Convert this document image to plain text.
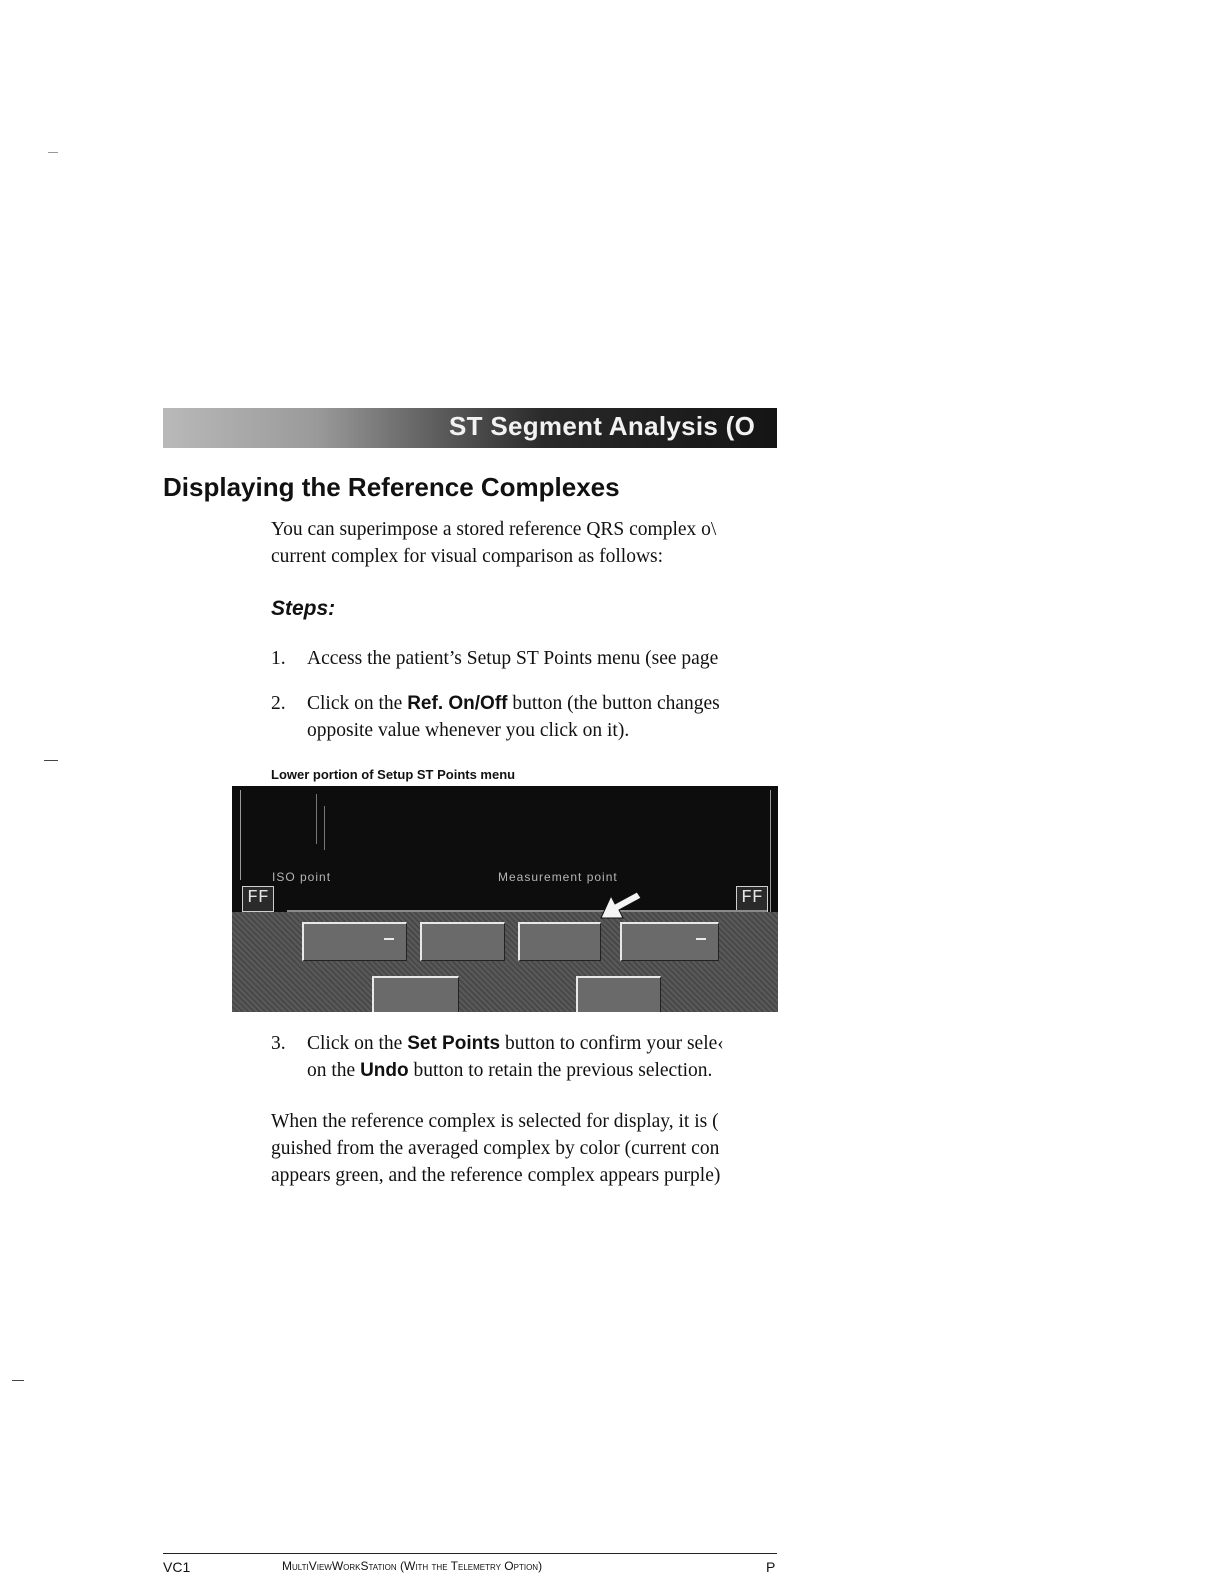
ST Segment Analysis (O
Displaying the Reference Complexes
You can superimpose a stored reference QRS complex o\
current complex for visual comparison as follows:
Steps:
1. Access the patient’s Setup ST Points menu (see page
2. Click on the Ref. On/Off button (the button changes
opposite value whenever you click on it).
Lower portion of Setup ST Points menu
ISO point	Measurement point
FF	FF
3. Click on the Set Points button to confirm your sele‹
on the Undo button to retain the previous selection.
When the reference complex is selected for display, it is (
guished from the averaged complex by color (current con
appears green, and the reference complex appears purple)
VC1	MultiViewWorkStation (With the Telemetry Option)	P
